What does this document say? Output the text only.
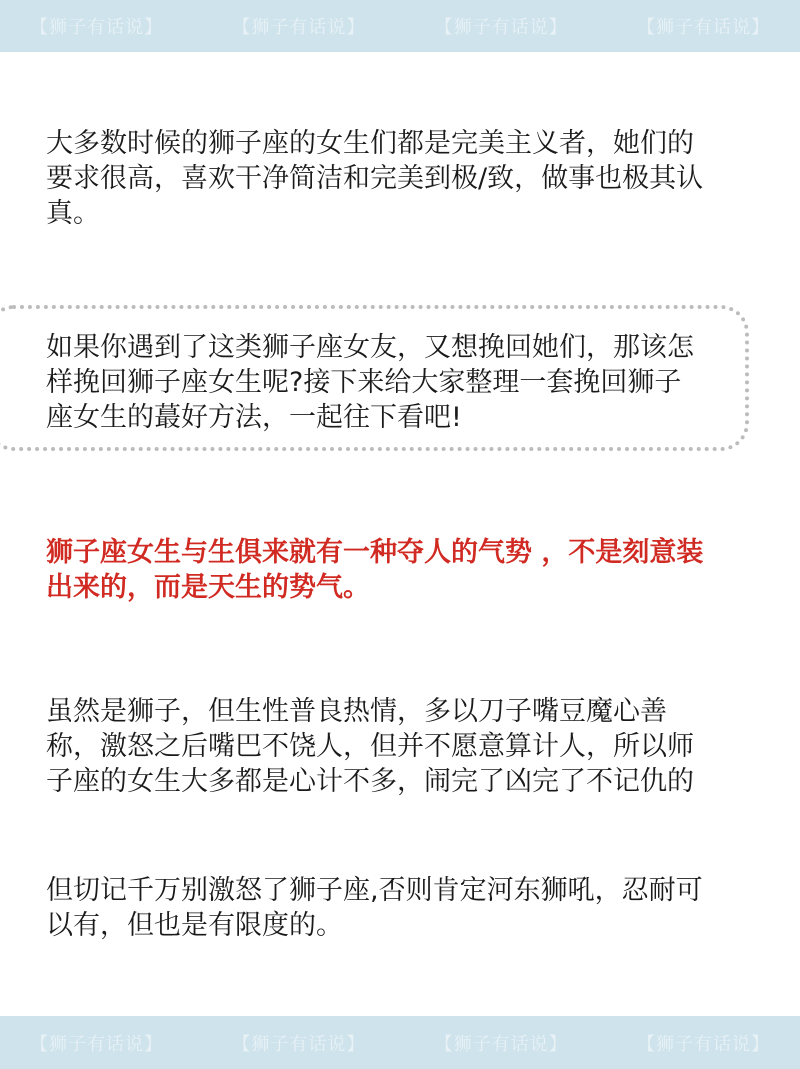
【狮子有话说】	【狮子有话说】	【狮子有话说】	【狮子有话说】

大多数时候的狮子座的女生们都是完美主义者，她们的要求很高，喜欢干净简洁和完美到极/致，做事也极其认真。

如果你遇到了这类狮子座女友，又想挽回她们，那该怎样挽回狮子座女生呢?接下来给大家整理一套挽回狮子座女生的蕞好方法，一起往下看吧!

狮子座女生与生俱来就有一种夺人的气势 ，不是刻意装出来的，而是天生的势气。

虽然是狮子，但生性普良热情，多以刀子嘴豆魔心善称，激怒之后嘴巴不饶人，但并不愿意算计人，所以师子座的女生大多都是心计不多，闹完了凶完了不记仇的

但切记千万别激怒了狮子座,否则肯定河东狮吼，忍耐可以有，但也是有限度的。

【狮子有话说】	【狮子有话说】	【狮子有话说】	【狮子有话说】
